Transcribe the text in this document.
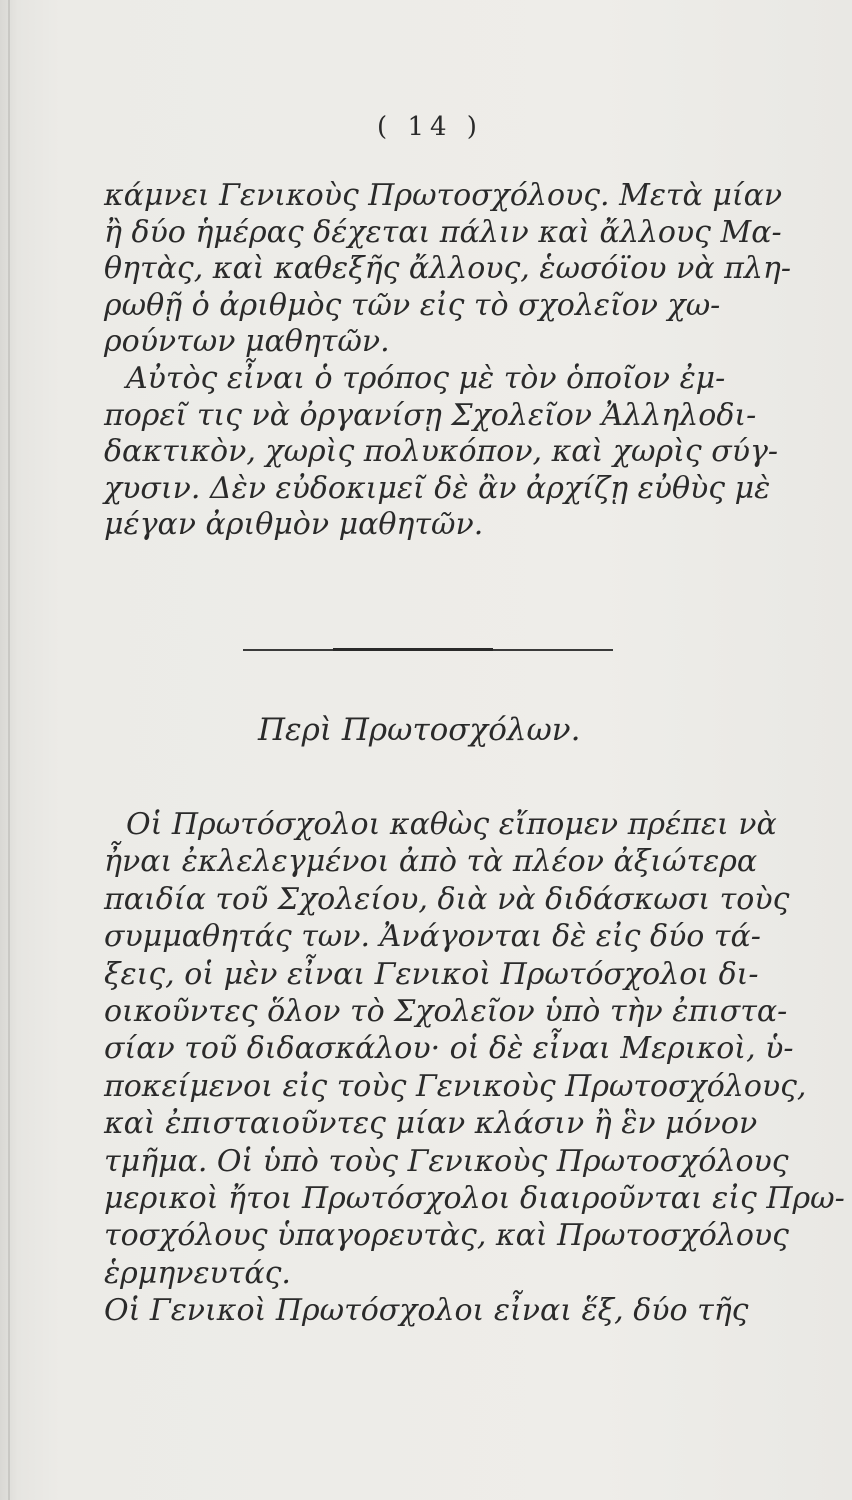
( 14 )

κάμνει Γενικοὺς Πρωτοσχόλους. Μετὰ μίαν
ἢ δύο ἡμέρας δέχεται πάλιν καὶ ἄλλους Μα-
θητὰς, καὶ καθεξῆς ἄλλους, ἑωσόϊου νὰ πλη-
ρωθῇ ὁ ἀριθμὸς τῶν εἰς τὸ σχολεῖον χω-
ρούντων μαθητῶν.

Αὐτὸς εἶναι ὁ τρόπος μὲ τὸν ὁποῖον ἐμ-
πορεῖ τις νὰ ὀργανίσῃ Σχολεῖον Ἀλληλοδι-
δακτικὸν, χωρὶς πολυκόπον, καὶ χωρὶς σύγ-
χυσιν. Δὲν εὐδοκιμεῖ δὲ ἂν ἀρχίζῃ εὐθὺς μὲ
μέγαν ἀριθμὸν μαθητῶν.

Περὶ Πρωτοσχόλων.

Οἱ Πρωτόσχολοι καθὼς εἴπομεν πρέπει νὰ
ἦναι ἐκλελεγμένοι ἀπὸ τὰ πλέον ἀξιώτερα
παιδία τοῦ Σχολείου, διὰ νὰ διδάσκωσι τοὺς
συμμαθητάς των. Ἀνάγονται δὲ εἰς δύο τά-
ξεις, οἱ μὲν εἶναι Γενικοὶ Πρωτόσχολοι δι-
οικοῦντες ὅλον τὸ Σχολεῖον ὑπὸ τὴν ἐπιστα-
σίαν τοῦ διδασκάλου· οἱ δὲ εἶναι Μερικοὶ, ὑ-
ποκείμενοι εἰς τοὺς Γενικοὺς Πρωτοσχόλους,
καὶ ἐπισταιοῦντες μίαν κλάσιν ἢ ἓν μόνον
τμῆμα. Οἱ ὑπὸ τοὺς Γενικοὺς Πρωτοσχόλους
μερικοὶ ἤτοι Πρωτόσχολοι διαιροῦνται εἰς Πρω-
τοσχόλους ὑπαγορευτὰς, καὶ Πρωτοσχόλους
ἑρμηνευτάς.

Οἱ Γενικοὶ Πρωτόσχολοι εἶναι ἕξ, δύο τῆς
